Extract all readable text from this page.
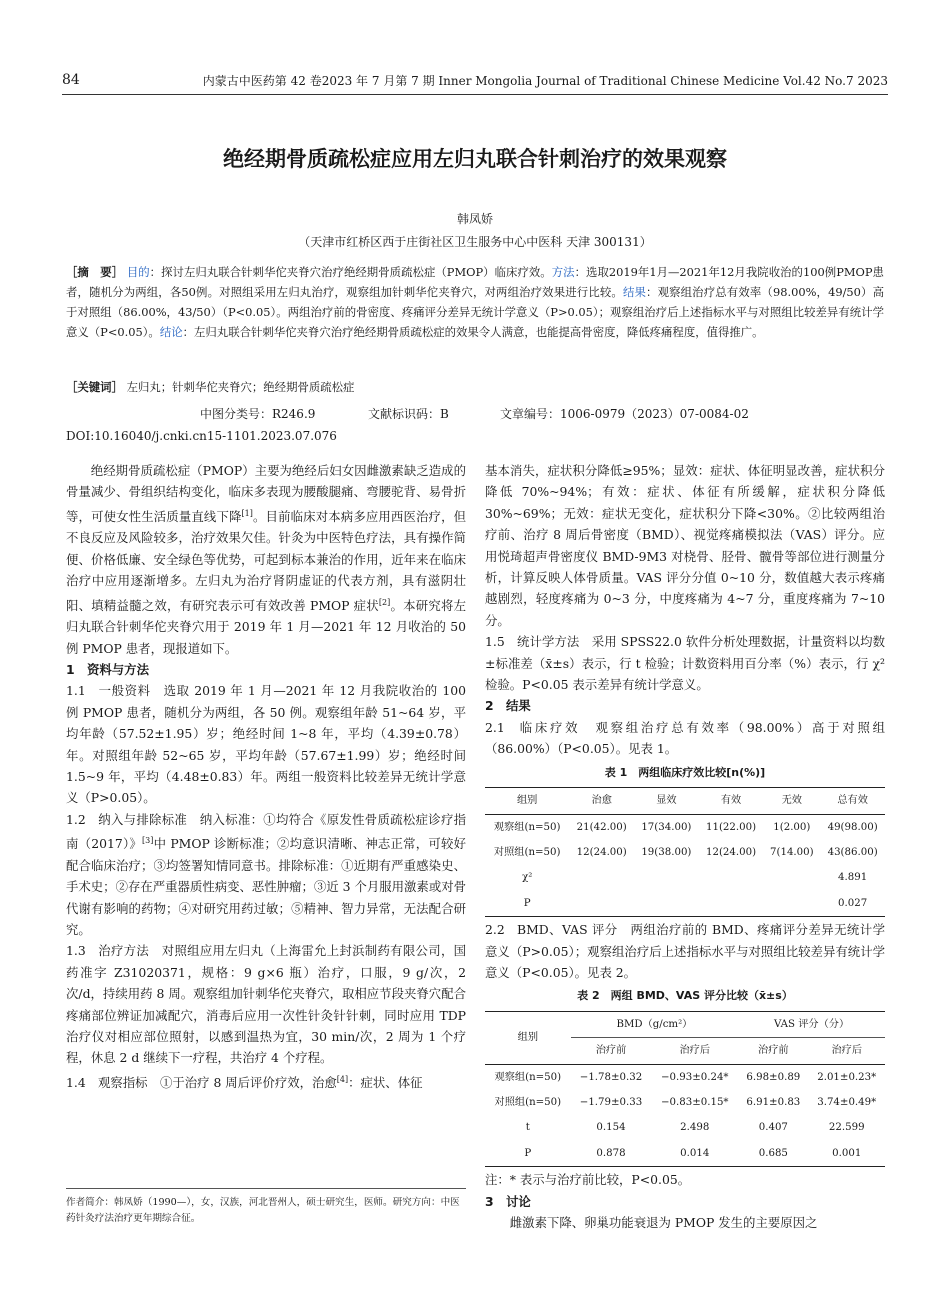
84	内蒙古中医药第 42 卷2023 年 7 月第 7 期 Inner Mongolia Journal of Traditional Chinese Medicine Vol.42 No.7 2023
绝经期骨质疏松症应用左归丸联合针刺治疗的效果观察
韩凤娇
（天津市红桥区西于庄街社区卫生服务中心中医科 天津 300131）
［摘　要］ 目的：探讨左归丸联合针刺华佗夹脊穴治疗绝经期骨质疏松症（PMOP）临床疗效。方法：选取2019年1月—2021年12月我院收治的100例PMOP患者，随机分为两组，各50例。对照组采用左归丸治疗，观察组加针刺华佗夹脊穴，对两组治疗效果进行比较。结果：观察组治疗总有效率（98.00%，49/50）高于对照组（86.00%，43/50）（P<0.05）。两组治疗前的骨密度、疼痛评分差异无统计学意义（P>0.05）；观察组治疗后上述指标水平与对照组比较差异有统计学意义（P<0.05）。结论：左归丸联合针刺华佗夹脊穴治疗绝经期骨质疏松症的效果令人满意，也能提高骨密度，降低疼痛程度，值得推广。
［关键词］ 左归丸；针刺华佗夹脊穴；绝经期骨质疏松症
中图分类号：R246.9	文献标识码：B	文章编号：1006-0979（2023）07-0084-02
DOI:10.16040/j.cnki.cn15-1101.2023.07.076

绝经期骨质疏松症（PMOP）主要为绝经后妇女因雌激素缺乏造成的骨量减少、骨组织结构变化，临床多表现为腰酸腿痛、弯腰驼背、易骨折等，可使女性生活质量直线下降[1]。目前临床对本病多应用西医治疗，但不良反应及风险较多，治疗效果欠佳。针灸为中医特色疗法，具有操作简便、价格低廉、安全绿色等优势，可起到标本兼治的作用，近年来在临床治疗中应用逐渐增多。左归丸为治疗肾阴虚证的代表方剂，具有滋阴壮阳、填精益髓之效，有研究表示可有效改善 PMOP 症状[2]。本研究将左归丸联合针刺华佗夹脊穴用于 2019 年 1 月—2021 年 12 月收治的 50 例 PMOP 患者，现报道如下。

1　资料与方法

1.1 一般资料　 选取 2019 年 1 月—2021 年 12 月我院收治的 100 例 PMOP 患者，随机分为两组，各 50 例。观察组年龄 51~64 岁，平均年龄（57.52±1.95）岁；绝经时间 1~8 年，平均（4.39±0.78）年。对照组年龄 52~65 岁，平均年龄（57.67±1.99）岁；绝经时间 1.5~9 年，平均（4.48±0.83）年。两组一般资料比较差异无统计学意义（P>0.05）。

1.2 纳入与排除标准　 纳入标准：①均符合《原发性骨质疏松症诊疗指南（2017）》[3]中 PMOP 诊断标准；②均意识清晰、神志正常，可较好配合临床治疗；③均签署知情同意书。排除标准：①近期有严重感染史、手术史；②存在严重器质性病变、恶性肿瘤；③近 3 个月服用激素或对骨代谢有影响的药物；④对研究用药过敏；⑤精神、智力异常，无法配合研究。

1.3 治疗方法　 对照组应用左归丸（上海雷允上封浜制药有限公司，国药准字 Z31020371，规格：9 g×6 瓶）治疗，口服，9 g/次，2 次/d，持续用药 8 周。观察组加针刺华佗夹脊穴，取相应节段夹脊穴配合疼痛部位辨证加减配穴，消毒后应用一次性针灸针针刺，同时应用 TDP 治疗仪对相应部位照射，以感到温热为宜，30 min/次，2 周为 1 个疗程，休息 2 d 继续下一疗程，共治疗 4 个疗程。

1.4 观察指标　 ①于治疗 8 周后评价疗效，治愈[4]：症状、体征

作者简介：韩凤娇（1990—），女，汉族，河北晋州人，硕士研究生，医师。研究方向：中医药针灸疗法治疗更年期综合征。

基本消失，症状积分降低≥95%；显效：症状、体征明显改善，症状积分降低 70%~94%；有效：症状、体征有所缓解，症状积分降低 30%~69%；无效：症状无变化，症状积分下降<30%。②比较两组治疗前、治疗 8 周后骨密度（BMD）、视觉疼痛模拟法（VAS）评分。应用悦琦超声骨密度仪 BMD-9M3 对桡骨、胫骨、髋骨等部位进行测量分析，计算反映人体骨质量。VAS 评分分值 0~10 分，数值越大表示疼痛越剧烈，轻度疼痛为 0~3 分，中度疼痛为 4~7 分，重度疼痛为 7~10 分。

1.5 统计学方法　 采用 SPSS22.0 软件分析处理数据，计量资料以均数±标准差（x̄±s）表示，行 t 检验；计数资料用百分率（%）表示，行 χ² 检验。P<0.05 表示差异有统计学意义。

2　结果

2.1 临床疗效　 观察组治疗总有效率（98.00%）高于对照组（86.00%）（P<0.05）。见表 1。

表 1　两组临床疗效比较[n(%)]
组别	治愈	显效	有效	无效	总有效
观察组(n=50)	21(42.00)	17(34.00)	11(22.00)	1(2.00)	49(98.00)
对照组(n=50)	12(24.00)	19(38.00)	12(24.00)	7(14.00)	43(86.00)
χ²					4.891
P					0.027

2.2 BMD、VAS 评分　 两组治疗前的 BMD、疼痛评分差异无统计学意义（P>0.05）；观察组治疗后上述指标水平与对照组比较差异有统计学意义（P<0.05）。见表 2。

表 2　两组 BMD、VAS 评分比较（x̄±s）
组别	BMD（g/cm²）		VAS 评分（分）	
	治疗前	治疗后	治疗前	治疗后
观察组(n=50)	−1.78±0.32	−0.93±0.24*	6.98±0.89	2.01±0.23*
对照组(n=50)	−1.79±0.33	−0.83±0.15*	6.91±0.83	3.74±0.49*
t	0.154	2.498	0.407	22.599
P	0.878	0.014	0.685	0.001

注：* 表示与治疗前比较，P<0.05。

3　讨论

雌激素下降、卵巢功能衰退为 PMOP 发生的主要原因之
